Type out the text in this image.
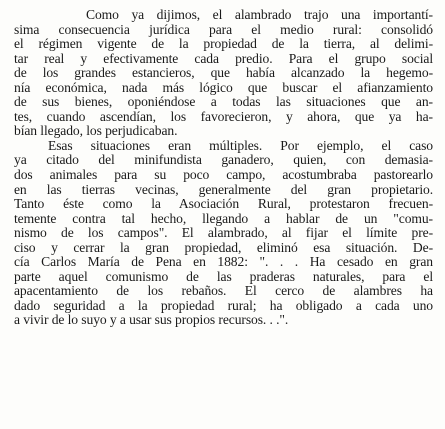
Como ya dijimos, el alambrado trajo una importantí-
sima consecuencia jurídica para el medio rural: consolidó
el régimen vigente de la propiedad de la tierra, al delimi-
tar real y efectivamente cada predio. Para el grupo social
de los grandes estancieros, que había alcanzado la hegemo-
nía económica, nada más lógico que buscar el afianzamiento
de sus bienes, oponiéndose a todas las situaciones que an-
tes, cuando ascendían, los favorecieron, y ahora, que ya ha-
bían llegado, los perjudicaban.
Esas situaciones eran múltiples. Por ejemplo, el caso
ya citado del minifundista ganadero, quien, con demasia-
dos animales para su poco campo, acostumbraba pastorearlo
en las tierras vecinas, generalmente del gran propietario.
Tanto éste como la Asociación Rural, protestaron frecuen-
temente contra tal hecho, llegando a hablar de un "comu-
nismo de los campos". El alambrado, al fijar el límite pre-
ciso y cerrar la gran propiedad, eliminó esa situación. De-
cía Carlos María de Pena en 1882: ". . . Ha cesado en gran
parte aquel comunismo de las praderas naturales, para el
apacentamiento de los rebaños. El cerco de alambres ha
dado seguridad a la propiedad rural; ha obligado a cada uno
a vivir de lo suyo y a usar sus propios recursos. . .".
